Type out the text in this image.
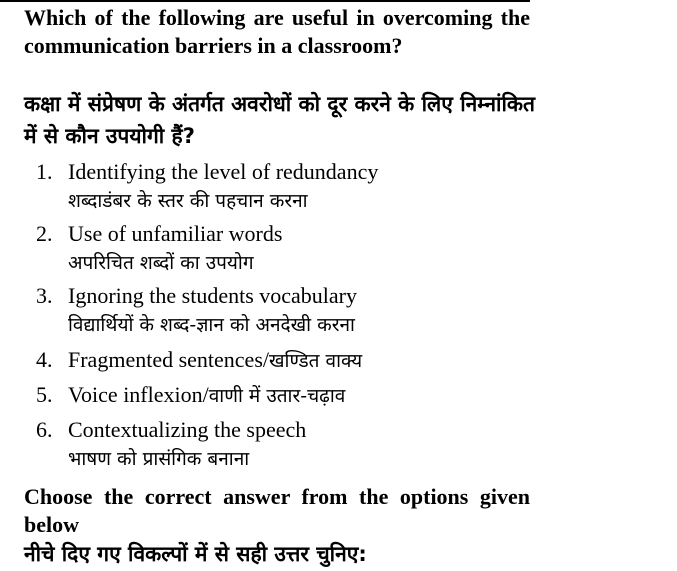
Which of the following are useful in overcoming the communication barriers in a classroom?
कक्षा में संप्रेषण के अंतर्गत अवरोधों को दूर करने के लिए निम्नांकित में से कौन उपयोगी हैं?
1. Identifying the level of redundancy
शब्दाडंबर के स्तर की पहचान करना
2. Use of unfamiliar words
अपरिचित शब्दों का उपयोग
3. Ignoring the students vocabulary
विद्यार्थियों के शब्द-ज्ञान को अनदेखी करना
4. Fragmented sentences/खण्डित वाक्य
5. Voice inflexion/वाणी में उतार-चढ़ाव
6. Contextualizing the speech
भाषण को प्रासंगिक बनाना
Choose the correct answer from the options given below
नीचे दिए गए विकल्पों में से सही उत्तर चुनिए:
